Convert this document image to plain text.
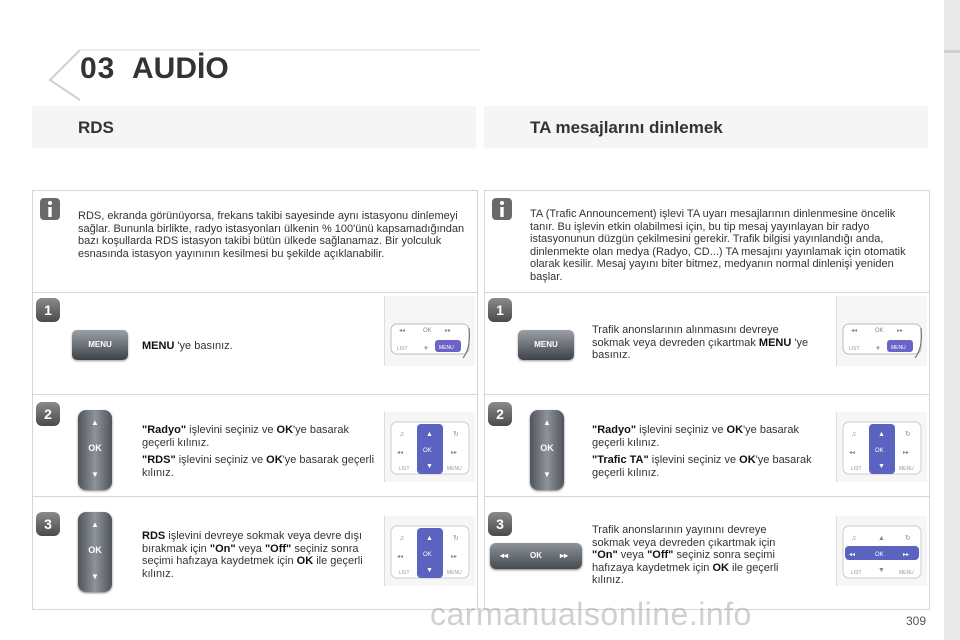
03 AUDİO
RDS	TA mesajlarını dinlemek
RDS, ekranda görünüyorsa, frekans takibi sayesinde aynı istasyonu dinlemeyi sağlar. Bununla birlikte, radyo istasyonları ülkenin % 100'ünü kapsamadığından bazı koşullarda RDS istasyon takibi bütün ülkede sağlanamaz. Bir yolculuk esnasında istasyon yayınının kesilmesi bu şekilde açıklanabilir.
1
2
3
MENU	MENU 'ye basınız.
▲
OK
▼
"Radyo" işlevini seçiniz ve OK'ye basarak geçerli kılınız.
"RDS" işlevini seçiniz ve OK'ye basarak geçerli kılınız.
▲
OK
▼
RDS işlevini devreye sokmak veya devre dışı bırakmak için "On" veya "Off" seçiniz sonra seçimi hafızaya kaydetmek için OK ile geçerli kılınız.
◂◂	OK ▸▸
LIST	▼ MENU
▲
OK
▼
♫	↻
◂◂	▸▸
LIST	MENU
▲
OK
▼
♫	↻
◂◂	▸▸
LIST	MENU
TA (Trafic Announcement) işlevi TA uyarı mesajlarının dinlenmesine öncelik tanır. Bu işlevin etkin olabilmesi için, bu tip mesaj yayınlayan bir radyo istasyonunun düzgün çekilmesini gerekir. Trafik bilgisi yayınlandığı anda, dinlenmekte olan medya (Radyo, CD...) TA mesajını yayınlamak için otomatik olarak kesilir. Mesaj yayını biter bitmez, medyanın normal dinlenişi yeniden başlar.
1
2
3
MENU
Trafik anonslarının alınmasını devreye sokmak veya devreden çıkartmak MENU 'ye basınız.
▲
OK
▼
"Radyo" işlevini seçiniz ve OK'ye basarak geçerli kılınız.
"Trafic TA" işlevini seçiniz ve OK'ye basarak geçerli kılınız.
◂◂	OK ▸▸
Trafik anonslarının yayınını devreye sokmak veya devreden çıkartmak için "On" veya "Off" seçiniz sonra seçimi hafızaya kaydetmek için OK ile geçerli kılınız.
◂◂	OK ▸▸
LIST	▼ MENU
▲
OK
▼
♫	↻
◂◂	▸▸
LIST	MENU
▲
OK
▼
♫	↻
◂◂	▸▸
LIST	MENU
carmanualsonline.info	309
